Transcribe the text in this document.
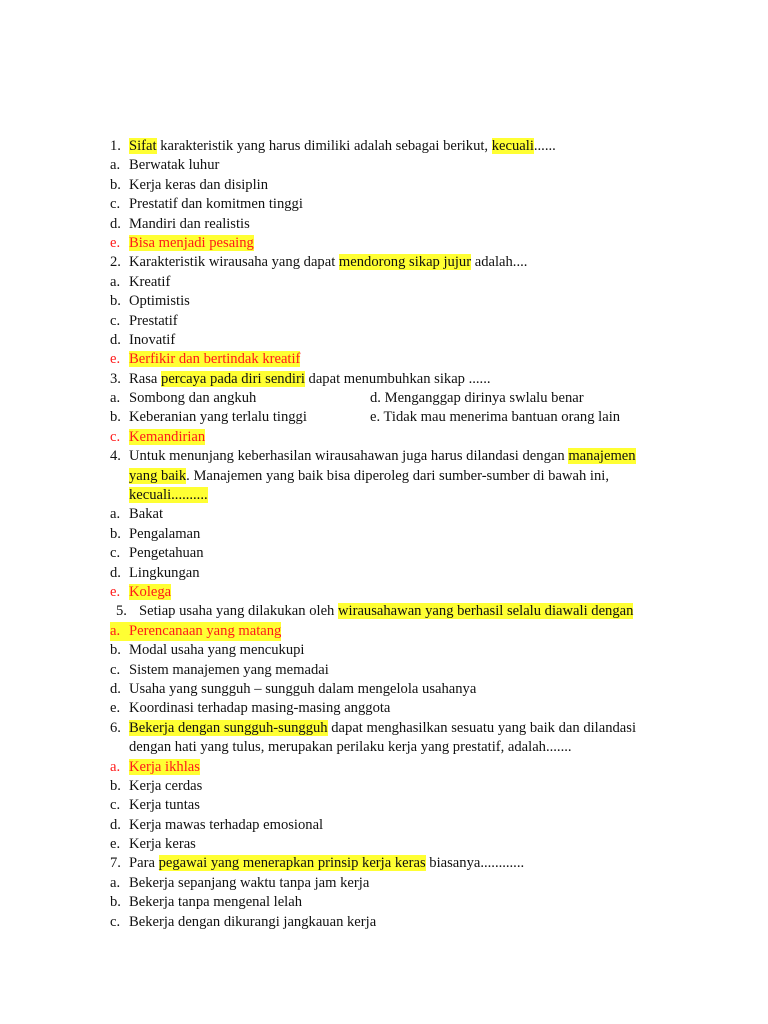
1. Sifat karakteristik yang harus dimiliki adalah sebagai berikut, kecuali......
a. Berwatak luhur
b. Kerja keras dan disiplin
c. Prestatif dan komitmen tinggi
d. Mandiri dan realistis
e. Bisa menjadi pesaing
2. Karakteristik wirausaha yang dapat mendorong sikap jujur adalah....
a. Kreatif
b. Optimistis
c. Prestatif
d. Inovatif
e. Berfikir dan bertindak kreatif
3. Rasa percaya pada diri sendiri dapat menumbuhkan sikap ......
a. Sombong dan angkuh	d. Menganggap dirinya swlalu benar
b. Keberanian yang terlalu tinggi	e. Tidak mau menerima bantuan orang lain
c. Kemandirian
4. Untuk menunjang keberhasilan wirausahawan juga harus dilandasi dengan manajemen
yang baik. Manajemen yang baik bisa diperoleg dari sumber-sumber di bawah ini,
kecuali..........
a. Bakat
b. Pengalaman
c. Pengetahuan
d. Lingkungan
e. Kolega
5. Setiap usaha yang dilakukan oleh wirausahawan yang berhasil selalu diawali dengan
a. Perencanaan yang matang
b. Modal usaha yang mencukupi
c. Sistem manajemen yang memadai
d. Usaha yang sungguh – sungguh dalam mengelola usahanya
e. Koordinasi terhadap masing-masing anggota
6. Bekerja dengan sungguh-sungguh dapat menghasilkan sesuatu yang baik dan dilandasi
dengan hati yang tulus, merupakan perilaku kerja yang prestatif, adalah.......
a. Kerja ikhlas
b. Kerja cerdas
c. Kerja tuntas
d. Kerja mawas terhadap emosional
e. Kerja keras
7. Para pegawai yang menerapkan prinsip kerja keras biasanya............
a. Bekerja sepanjang waktu tanpa jam kerja
b. Bekerja tanpa mengenal lelah
c. Bekerja dengan dikurangi jangkauan kerja
